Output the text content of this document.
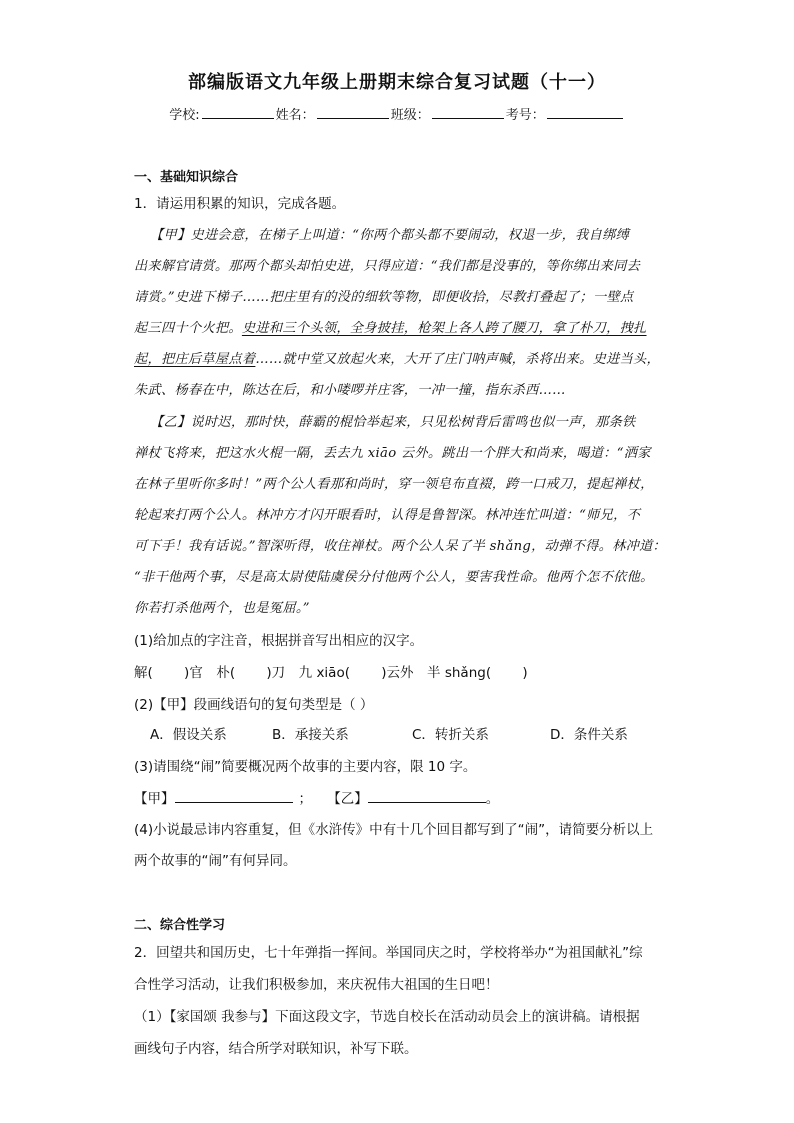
部编版语文九年级上册期末综合复习试题（十一）
学校:	姓名：	班级：	考号：
一、基础知识综合
1．请运用积累的知识，完成各题。
【甲】史进会意，在梯子上叫道：“你两个都头都不要闹动，权退一步，我自绑缚
出来解官请赏。那两个都头却怕史进，只得应道：“我们都是没事的，等你绑出来同去
请赏。”史进下梯子……把庄里有的没的细软等物，即便收拾，尽教打叠起了；一壁点
起三四十个火把。史进和三个头领，全身披挂，枪架上各人跨了腰刀，拿了朴刀，拽扎
起，把庄后草屋点着……就中堂又放起火来，大开了庄门呐声喊，杀将出来。史进当头，
朱武、杨春在中，陈达在后，和小喽啰并庄客，一冲一撞，指东杀西……
【乙】说时迟，那时快，薛霸的棍恰举起来，只见松树背后雷鸣也似一声，那条铁
禅杖飞将来，把这水火棍一隔，丢去九 xiāo 云外。跳出一个胖大和尚来，喝道：“洒家
在林子里听你多时！”两个公人看那和尚时，穿一领皂布直裰，跨一口戒刀，提起禅杖，
轮起来打两个公人。林冲方才闪开眼看时，认得是鲁智深。林冲连忙叫道：“师兄，不
可下手！我有话说。”智深听得，收住禅杖。两个公人呆了半 shǎng，动弹不得。林冲道：
“非干他两个事，尽是高太尉使陆虞侯分付他两个公人，要害我性命。他两个怎不依他。
你若打杀他两个，也是冤屈。”
(1)给加点的字注音，根据拼音写出相应的汉字。
解(　　 )官　朴(　　 )刀　九 xiāo(　　 )云外　半 shǎng(　　 )
(2)【甲】段画线语句的复句类型是（ ）
A．假设关系	B．承接关系	C．转折关系	D．条件关系
(3)请围绕“闹”简要概况两个故事的主要内容，限 10 字。
【甲】	； 【乙】	。
(4)小说最忌讳内容重复，但《水浒传》中有十几个回目都写到了“闹”，请简要分析以上
两个故事的“闹”有何异同。
二、综合性学习
2．回望共和国历史，七十年弹指一挥间。举国同庆之时，学校将举办“为祖国献礼”综
合性学习活动，让我们积极参加，来庆祝伟大祖国的生日吧！
（1）【家国颂 我参与】下面这段文字，节选自校长在活动动员会上的演讲稿。请根据
画线句子内容，结合所学对联知识，补写下联。
